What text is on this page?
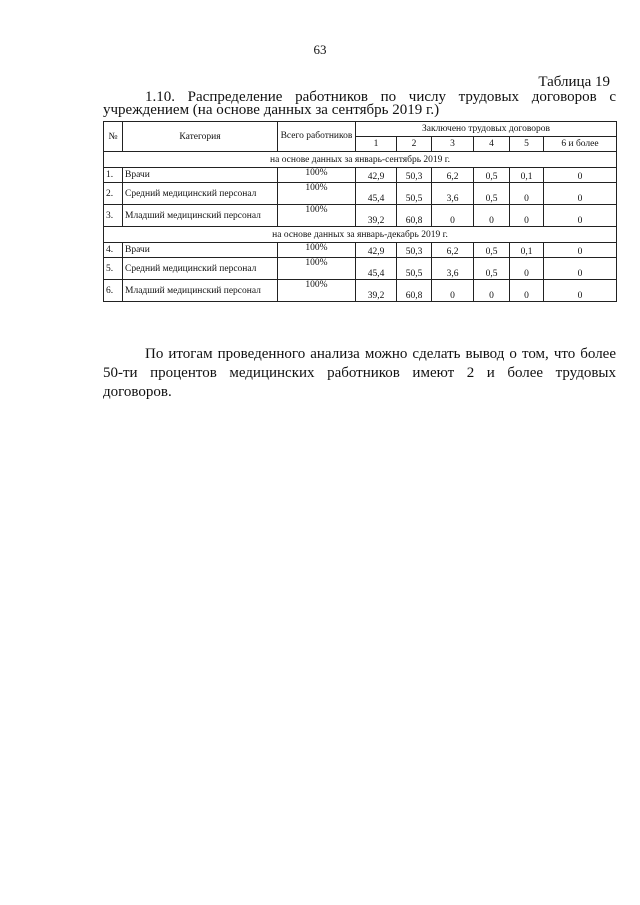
63
Таблица 19
1.10. Распределение работников по числу трудовых договоров с учреждением (на основе данных за сентябрь 2019 г.)
№	Категория	Всего работников	Заключено трудовых договоров					
			1	2	3	4	5	6 и более
на основе данных за январь-сентябрь 2019 г.								
1.	Врачи	100%	42,9	50,3	6,2	0,5	0,1	0
2.	Средний медицинский персонал	100%	45,4	50,5	3,6	0,5	0	0
3.	Младший медицинский персонал	100%	39,2	60,8	0	0	0	0
на основе данных за январь-декабрь 2019 г.								
4.	Врачи	100%	42,9	50,3	6,2	0,5	0,1	0
5.	Средний медицинский персонал	100%	45,4	50,5	3,6	0,5	0	0
6.	Младший медицинский персонал	100%	39,2	60,8	0	0	0	0
По итогам проведенного анализа можно сделать вывод о том, что более 50-ти процентов медицинских работников имеют 2 и более трудовых договоров.
